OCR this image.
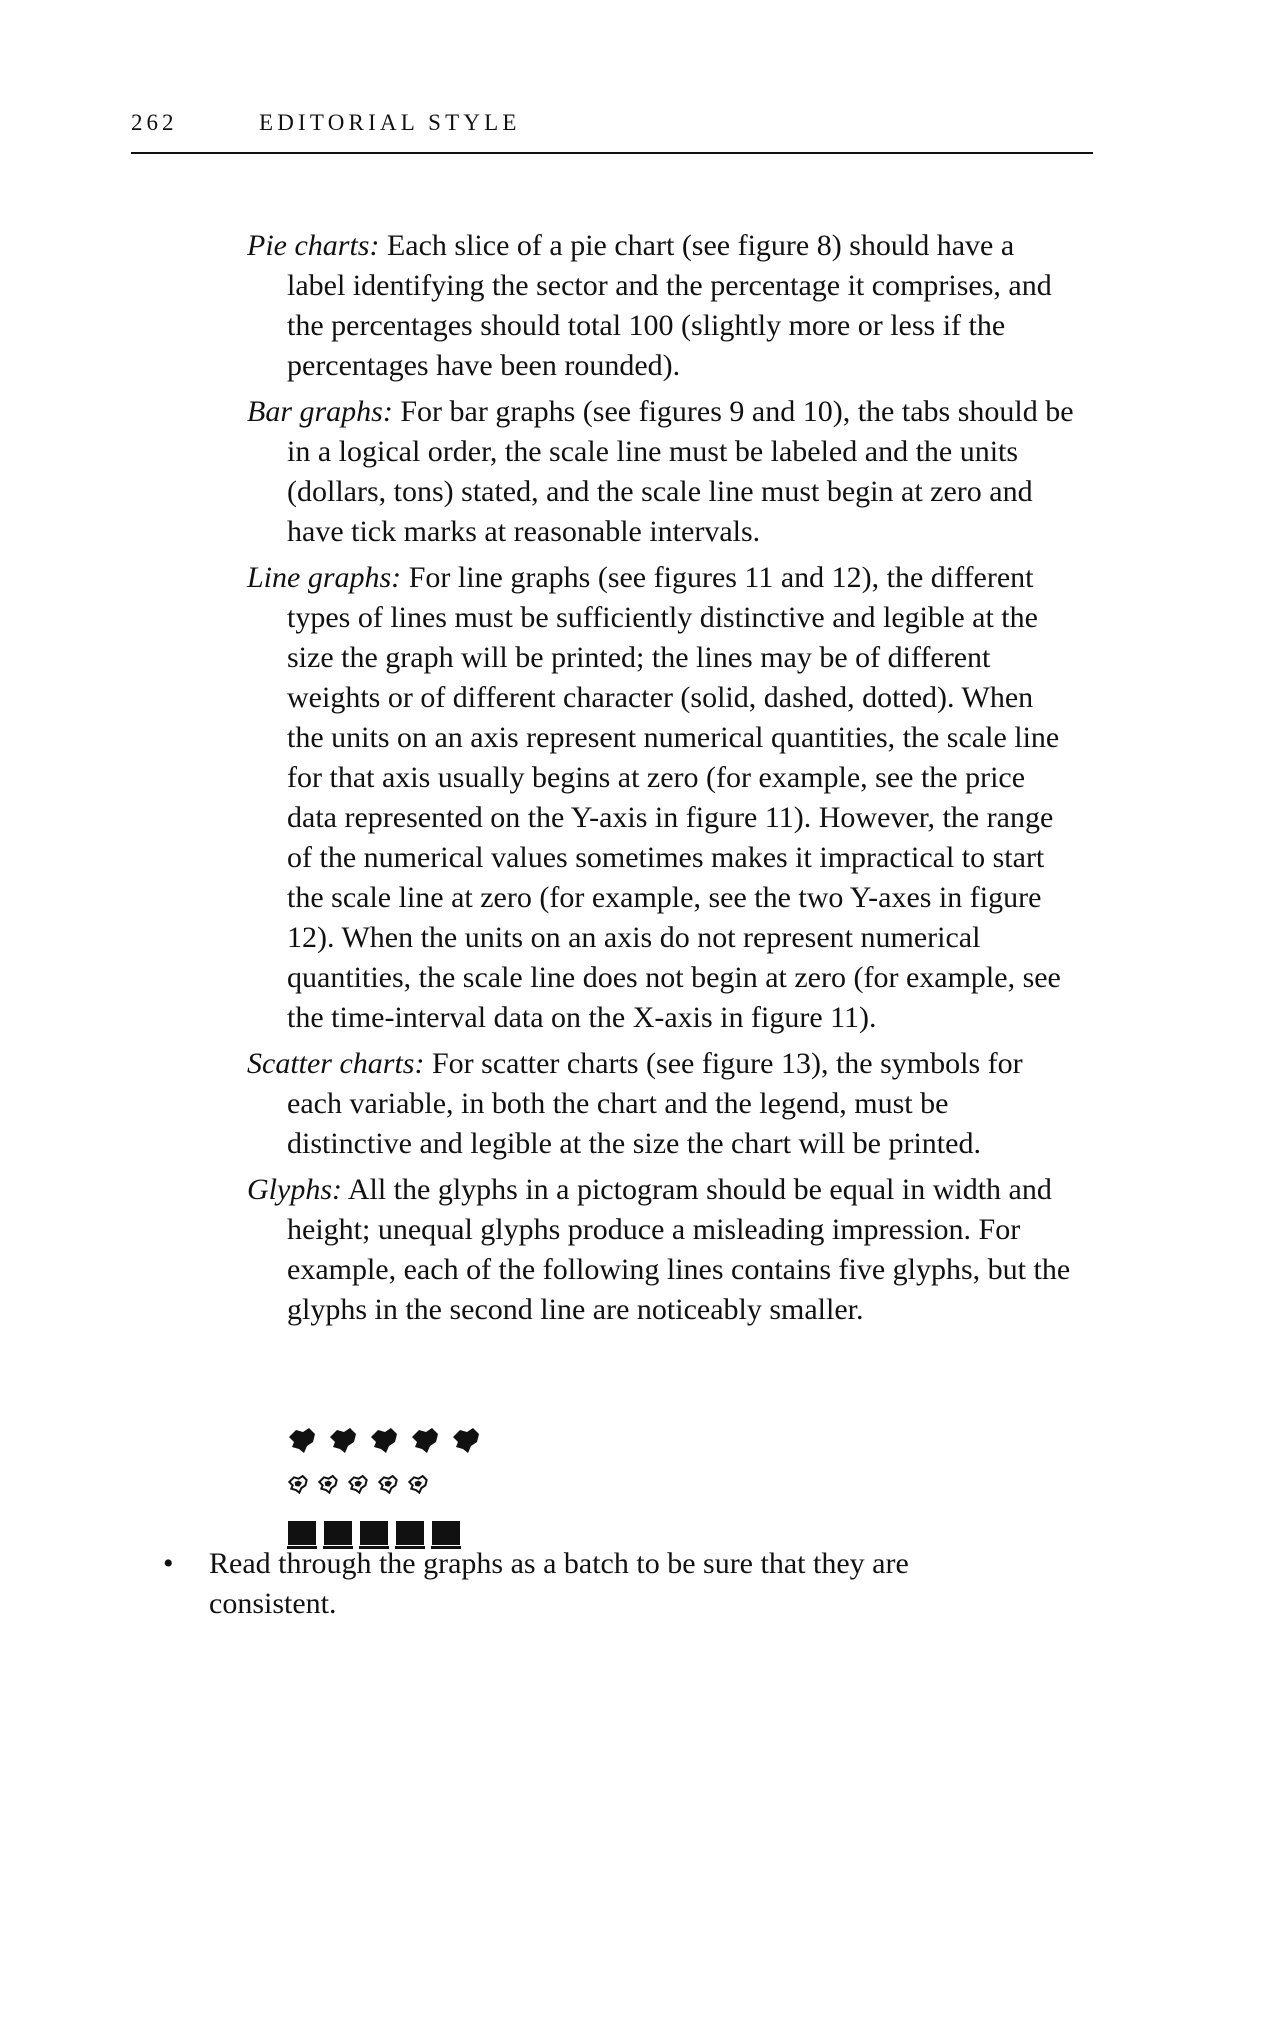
262	EDITORIAL STYLE

Pie charts: Each slice of a pie chart (see figure 8) should have a label identifying the sector and the percentage it comprises, and the percentages should total 100 (slightly more or less if the percentages have been rounded).

Bar graphs: For bar graphs (see figures 9 and 10), the tabs should be in a logical order, the scale line must be labeled and the units (dollars, tons) stated, and the scale line must begin at zero and have tick marks at reasonable intervals.

Line graphs: For line graphs (see figures 11 and 12), the different types of lines must be sufficiently distinctive and legible at the size the graph will be printed; the lines may be of different weights or of different character (solid, dashed, dotted). When the units on an axis represent numerical quantities, the scale line for that axis usually begins at zero (for example, see the price data represented on the Y-axis in figure 11). However, the range of the numerical values sometimes makes it impractical to start the scale line at zero (for example, see the two Y-axes in figure 12). When the units on an axis do not represent numerical quantities, the scale line does not begin at zero (for example, see the time-interval data on the X-axis in figure 11).

Scatter charts: For scatter charts (see figure 13), the symbols for each variable, in both the chart and the legend, must be distinctive and legible at the size the chart will be printed.

Glyphs: All the glyphs in a pictogram should be equal in width and height; unequal glyphs produce a misleading impression. For example, each of the following lines contains five glyphs, but the glyphs in the second line are noticeably smaller.

• Read through the graphs as a batch to be sure that they are consistent.
